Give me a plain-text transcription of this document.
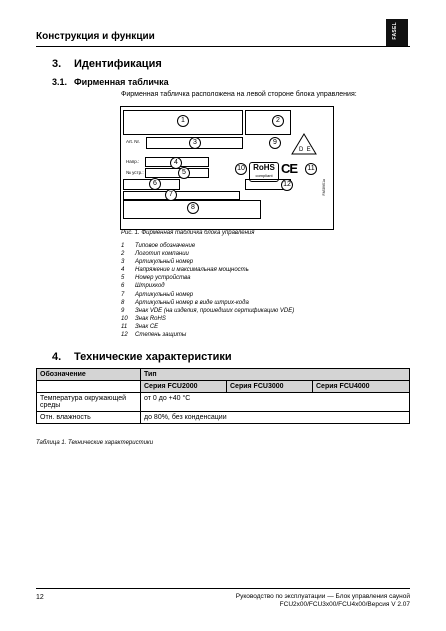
Конструкция и функции	FASEL
3. Идентификация
3.1. Фирменная табличка
Фирменная табличка расположена на левой стороне блока управления:
1	2
Art. Nr.	3	9
D  E
Напр.:	4
№ устр.:	5
10	RoHS
compliant CE	11
6	12
7
8
FäS8V01a
Рис. 1. Фирменная табличка блока управления
1 Типовое обозначение
2 Логотип компании
3 Артикульный номер
4 Напряжение и максимальная мощность
5 Номер устройства
6 Штрихкод
7 Артикульный номер
8 Артикульный номер в виде штрих-кода
9 Знак VDE (на изделия, прошедших сертификацию VDE)
10 Знак RoHS
11 Знак CE
12 Степень защиты
4. Технические характеристики
Обозначение	Тип		
	Серия FCU2000	Серия FCU3000	Серия FCU4000
Температура окружающей среды	от 0 до +40 °С		
Отн. влажность	до 80%, без конденсации		
Таблица 1. Технические характеристики
12	Руководство по эксплуатации — Блок управления сауной
FCU2x00/FCU3x00/FCU4x00/Версия V 2.07
